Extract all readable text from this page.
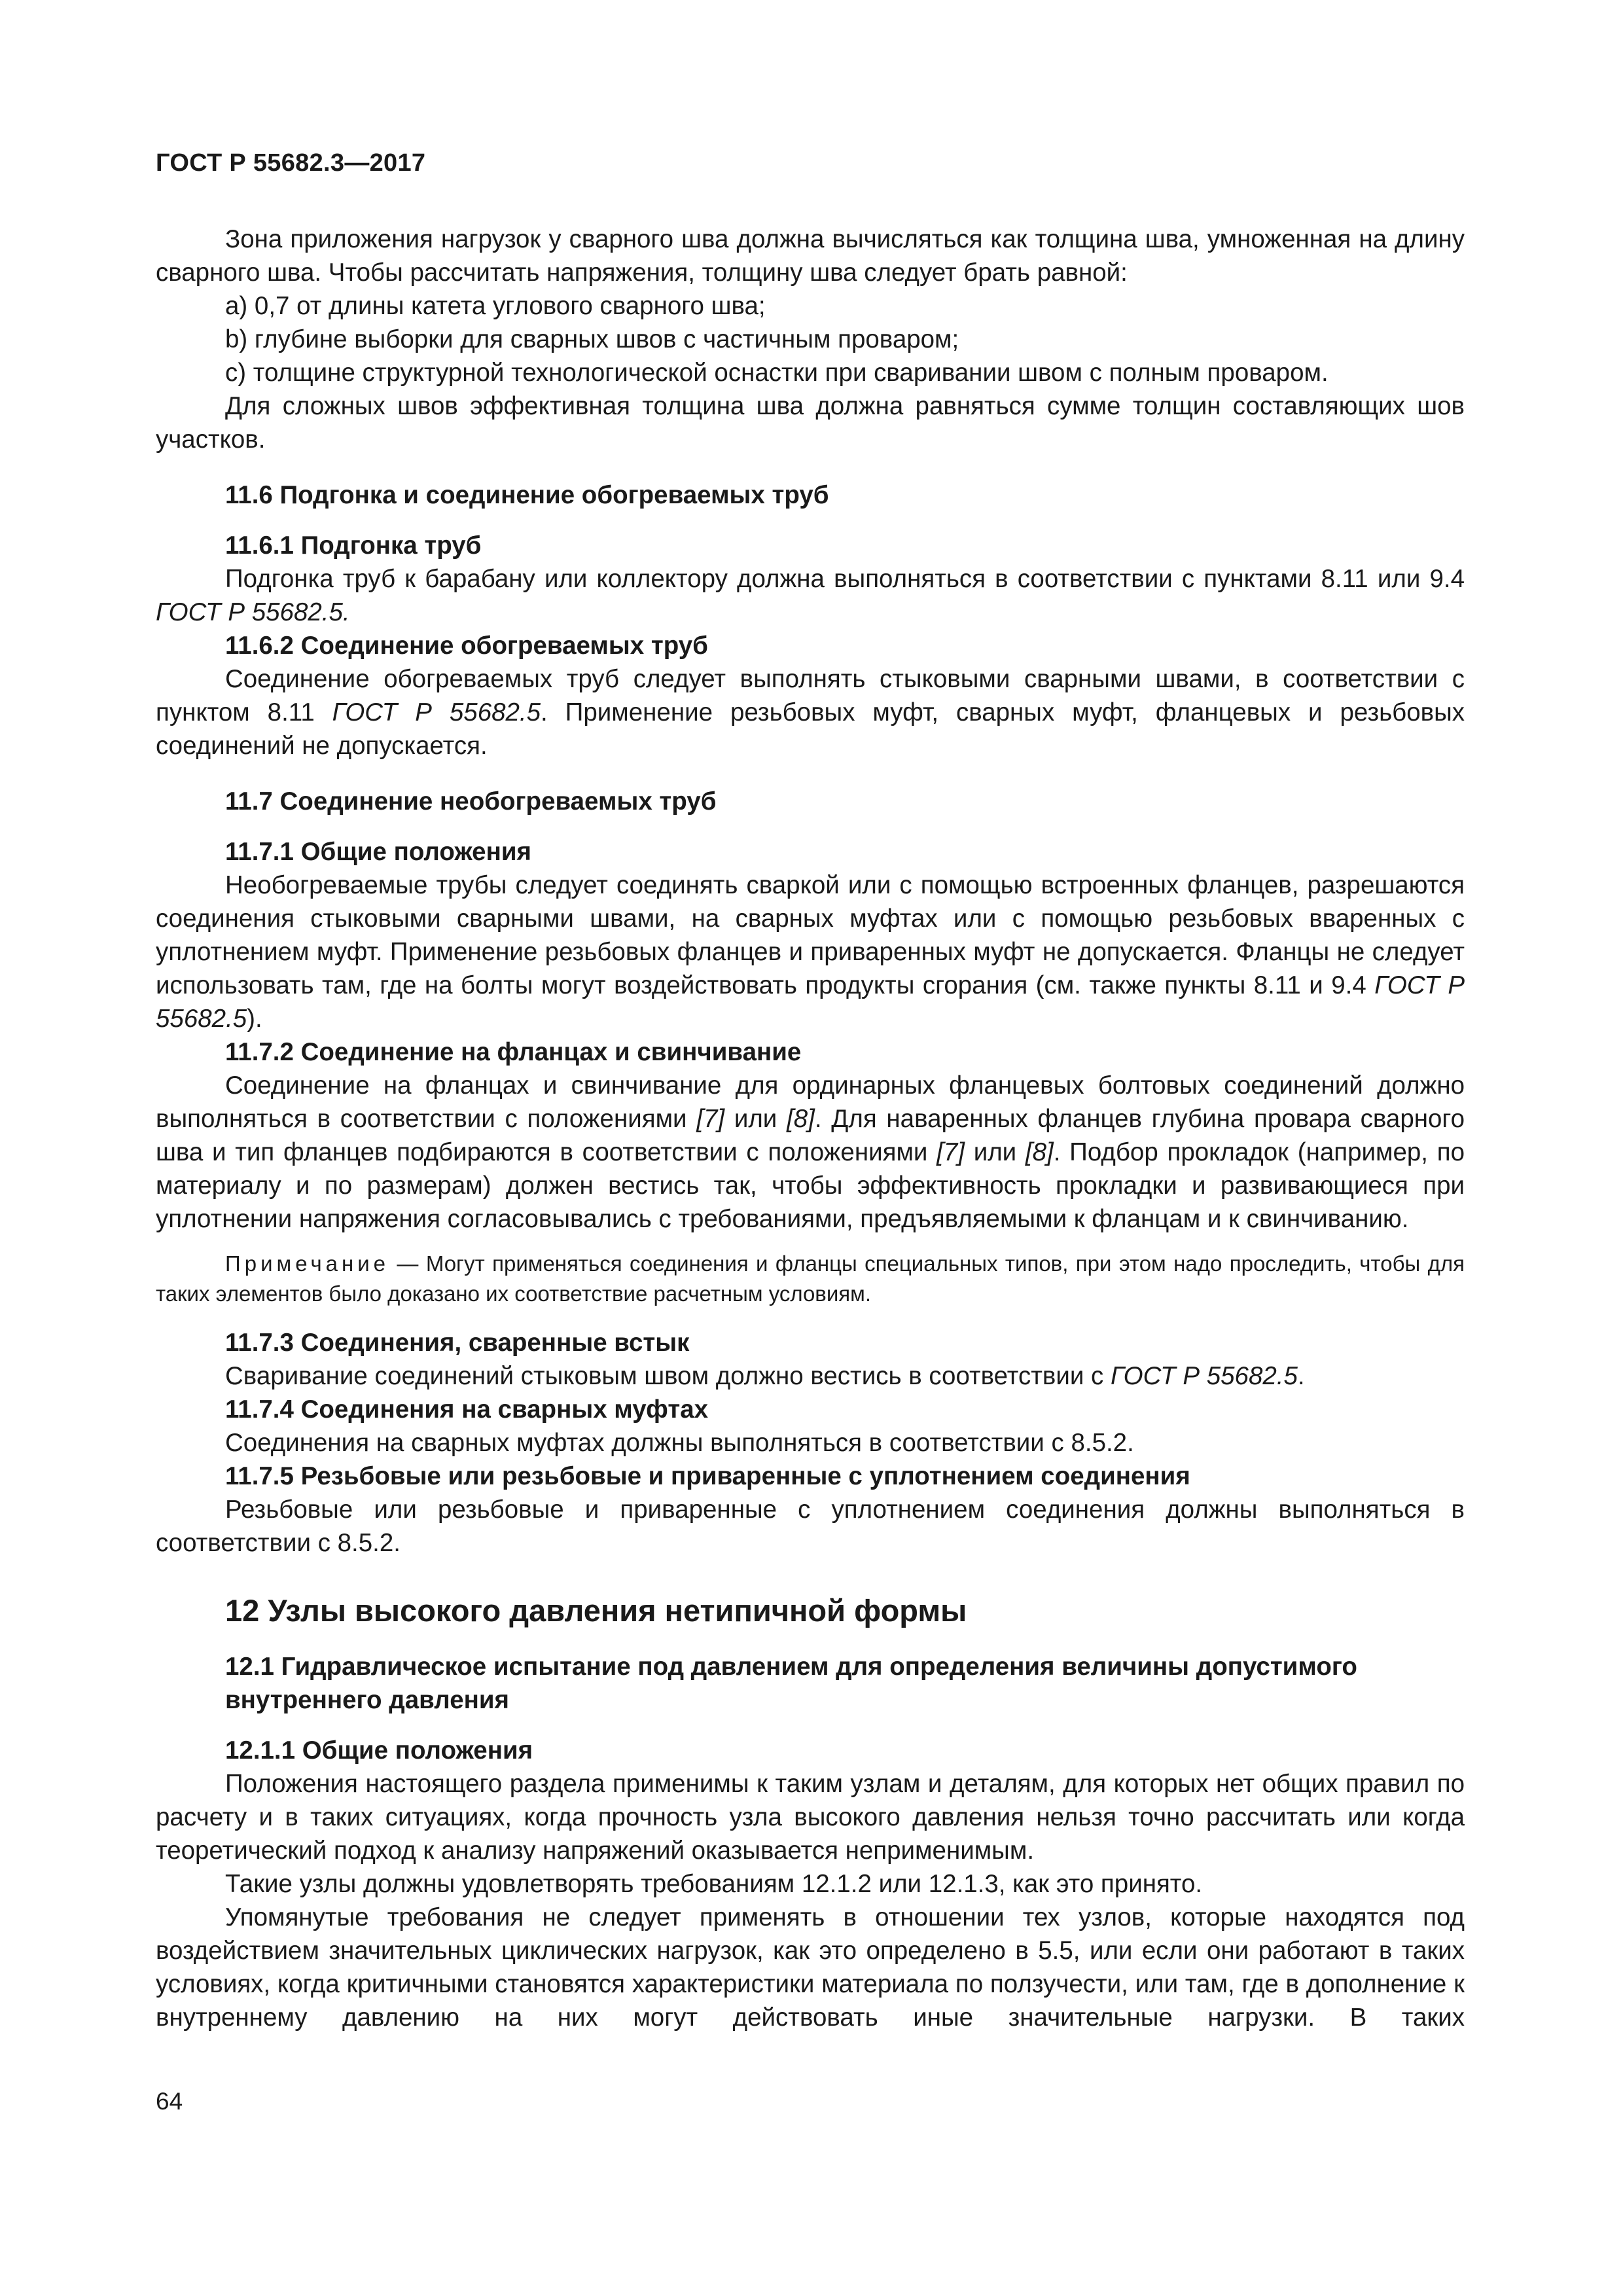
ГОСТ Р 55682.3—2017

Зона приложения нагрузок у сварного шва должна вычисляться как толщина шва, умноженная на длину сварного шва. Чтобы рассчитать напряжения, толщину шва следует брать равной:

a) 0,7 от длины катета углового сварного шва;

b) глубине выборки для сварных швов с частичным проваром;

c) толщине структурной технологической оснастки при сваривании швом с полным проваром.

Для сложных швов эффективная толщина шва должна равняться сумме толщин составляющих шов участков.

11.6 Подгонка и соединение обогреваемых труб

11.6.1 Подгонка труб

Подгонка труб к барабану или коллектору должна выполняться в соответствии с пунктами 8.11 или 9.4 ГОСТ Р 55682.5.

11.6.2 Соединение обогреваемых труб

Соединение обогреваемых труб следует выполнять стыковыми сварными швами, в соответствии с пунктом 8.11 ГОСТ Р 55682.5. Применение резьбовых муфт, сварных муфт, фланцевых и резьбовых соединений не допускается.

11.7 Соединение необогреваемых труб

11.7.1 Общие положения

Необогреваемые трубы следует соединять сваркой или с помощью встроенных фланцев, разрешаются соединения стыковыми сварными швами, на сварных муфтах или с помощью резьбовых вваренных с уплотнением муфт. Применение резьбовых фланцев и приваренных муфт не допускается. Фланцы не следует использовать там, где на болты могут воздействовать продукты сгорания (см. также пункты 8.11 и 9.4 ГОСТ Р 55682.5).

11.7.2 Соединение на фланцах и свинчивание

Соединение на фланцах и свинчивание для ординарных фланцевых болтовых соединений должно выполняться в соответствии с положениями [7] или [8]. Для наваренных фланцев глубина провара сварного шва и тип фланцев подбираются в соответствии с положениями [7] или [8]. Подбор прокладок (например, по материалу и по размерам) должен вестись так, чтобы эффективность прокладки и развивающиеся при уплотнении напряжения согласовывались с требованиями, предъявляемыми к фланцам и к свинчиванию.

Примечание — Могут применяться соединения и фланцы специальных типов, при этом надо проследить, чтобы для таких элементов было доказано их соответствие расчетным условиям.

11.7.3 Соединения, сваренные встык

Сваривание соединений стыковым швом должно вестись в соответствии с ГОСТ Р 55682.5.

11.7.4 Соединения на сварных муфтах

Соединения на сварных муфтах должны выполняться в соответствии с 8.5.2.

11.7.5 Резьбовые или резьбовые и приваренные с уплотнением соединения

Резьбовые или резьбовые и приваренные с уплотнением соединения должны выполняться в соответствии с 8.5.2.

12 Узлы высокого давления нетипичной формы

12.1 Гидравлическое испытание под давлением для определения величины допустимого
внутреннего давления

12.1.1 Общие положения

Положения настоящего раздела применимы к таким узлам и деталям, для которых нет общих правил по расчету и в таких ситуациях, когда прочность узла высокого давления нельзя точно рассчитать или когда теоретический подход к анализу напряжений оказывается неприменимым.

Такие узлы должны удовлетворять требованиям 12.1.2 или 12.1.3, как это принято.

Упомянутые требования не следует применять в отношении тех узлов, которые находятся под воздействием значительных циклических нагрузок, как это определено в 5.5, или если они работают в таких условиях, когда критичными становятся характеристики материала по ползучести, или там, где в дополнение к внутреннему давлению на них могут действовать иные значительные нагрузки. В таких

64
